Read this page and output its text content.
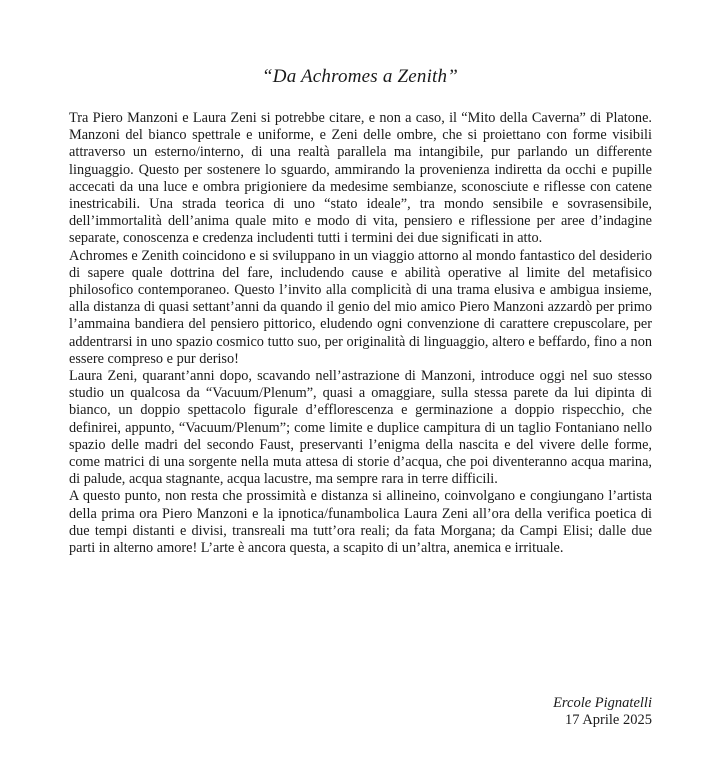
“Da Achromes a Zenith”

Tra Piero Manzoni e Laura Zeni si potrebbe citare, e non a caso, il “Mito della Caverna” di Platone. Manzoni del bianco spettrale e uniforme, e Zeni delle ombre, che si proiettano con forme visibili attraverso un esterno/interno, di una realtà parallela ma intangibile, pur parlando un differente linguaggio. Questo per sostenere lo sguardo, ammirando la provenienza indiretta da occhi e pupille accecati da una luce e ombra prigioniere da medesime sembianze, sconosciute e riflesse con catene inestricabili. Una strada teorica di uno “stato ideale”, tra mondo sensibile e sovrasensibile, dell’immortalità dell’anima quale mito e modo di vita, pensiero e riflessione per aree d’indagine separate, conoscenza e credenza includenti tutti i termini dei due significati in atto.

Achromes e Zenith coincidono e si sviluppano in un viaggio attorno al mondo fantastico del desiderio di sapere quale dottrina del fare, includendo cause e abilità operative al limite del metafisico philosofico contemporaneo. Questo l’invito alla complicità di una trama elusiva e ambigua insieme, alla distanza di quasi settant’anni da quando il genio del mio amico Piero Manzoni azzardò per primo l’ammaina bandiera del pensiero pittorico, eludendo ogni convenzione di carattere crepuscolare, per addentrarsi in uno spazio cosmico tutto suo, per originalità di linguaggio, altero e beffardo, fino a non essere compreso e pur deriso!

Laura Zeni, quarant’anni dopo, scavando nell’astrazione di Manzoni, introduce oggi nel suo stesso studio un qualcosa da “Vacuum/Plenum”, quasi a omaggiare, sulla stessa parete da lui dipinta di bianco, un doppio spettacolo figurale d’efflorescenza e germinazione a doppio rispecchio, che definirei, appunto, “Vacuum/Plenum”; come limite e duplice campitura di un taglio Fontaniano nello spazio delle madri del secondo Faust, preservanti l’enigma della nascita e del vivere delle forme, come matrici di una sorgente nella muta attesa di storie d’acqua, che poi diventeranno acqua marina, di palude, acqua stagnante, acqua lacustre, ma sempre rara in terre difficili.

A questo punto, non resta che prossimità e distanza si allineino, coinvolgano e congiungano l’artista della prima ora Piero Manzoni e la ipnotica/funambolica Laura Zeni all’ora della verifica poetica di due tempi distanti e divisi, transreali ma tutt’ora reali; da fata Morgana; da Campi Elisi; dalle due parti in alterno amore! L’arte è ancora questa, a scapito di un’altra, anemica e irrituale.

Ercole Pignatelli
17 Aprile 2025
